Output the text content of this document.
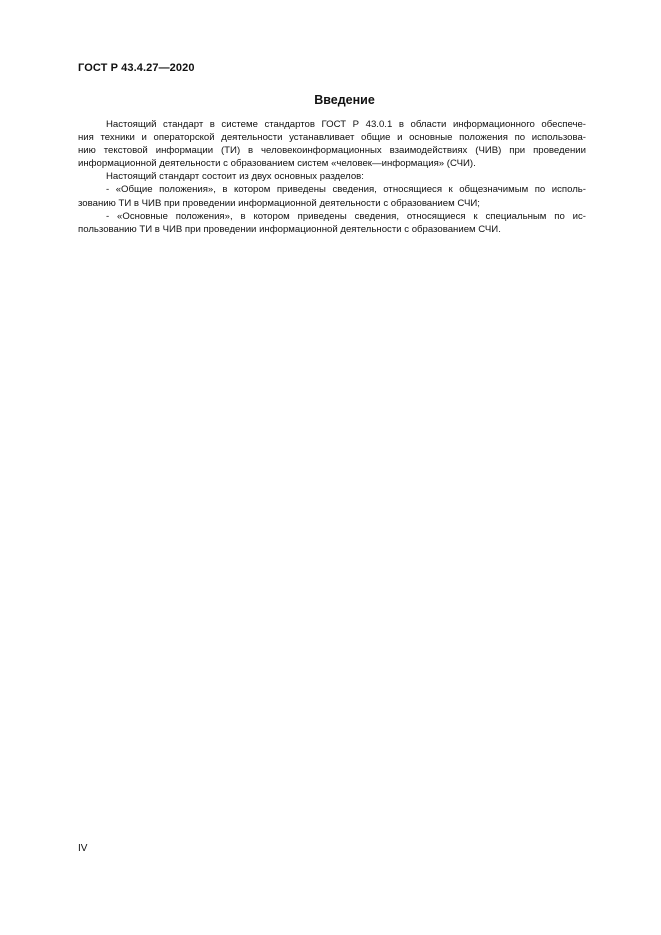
ГОСТ Р 43.4.27—2020
Введение
Настоящий стандарт в системе стандартов ГОСТ Р 43.0.1 в области информационного обеспече-
ния техники и операторской деятельности устанавливает общие и основные положения по использова-
нию текстовой информации (ТИ) в человекоинформационных взаимодействиях (ЧИВ) при проведении
информационной деятельности с образованием систем «человек—информация» (СЧИ).
Настоящий стандарт состоит из двух основных разделов:
- «Общие положения», в котором приведены сведения, относящиеся к общезначимым по исполь-
зованию ТИ в ЧИВ при проведении информационной деятельности с образованием СЧИ;
- «Основные положения», в котором приведены сведения, относящиеся к специальным по ис-
пользованию ТИ в ЧИВ при проведении информационной деятельности с образованием СЧИ.
IV
